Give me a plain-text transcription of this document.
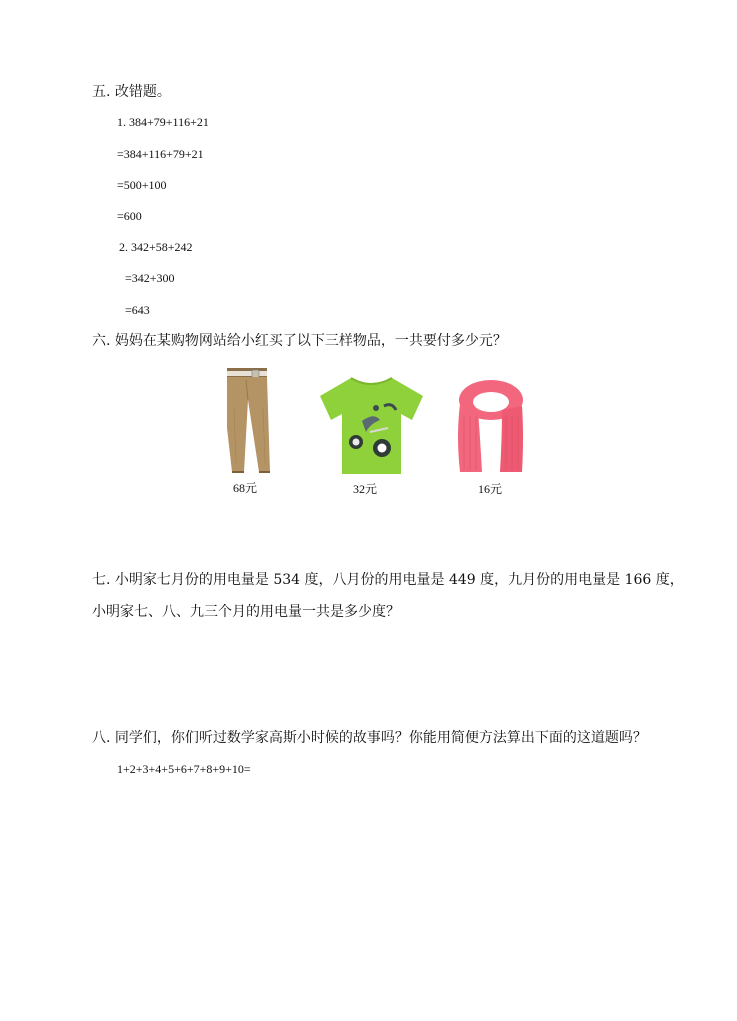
五. 改错题。
1. 384+79+116+21
=384+116+79+21
=500+100
=600
2. 342+58+242
=342+300
=643
六. 妈妈在某购物网站给小红买了以下三样物品，一共要付多少元？
68元	32元	16元
七. 小明家七月份的用电量是 534 度，八月份的用电量是 449 度，九月份的用电量是 166 度，
小明家七、八、九三个月的用电量一共是多少度？
八. 同学们，你们听过数学家高斯小时候的故事吗？你能用简便方法算出下面的这道题吗？
1+2+3+4+5+6+7+8+9+10=
